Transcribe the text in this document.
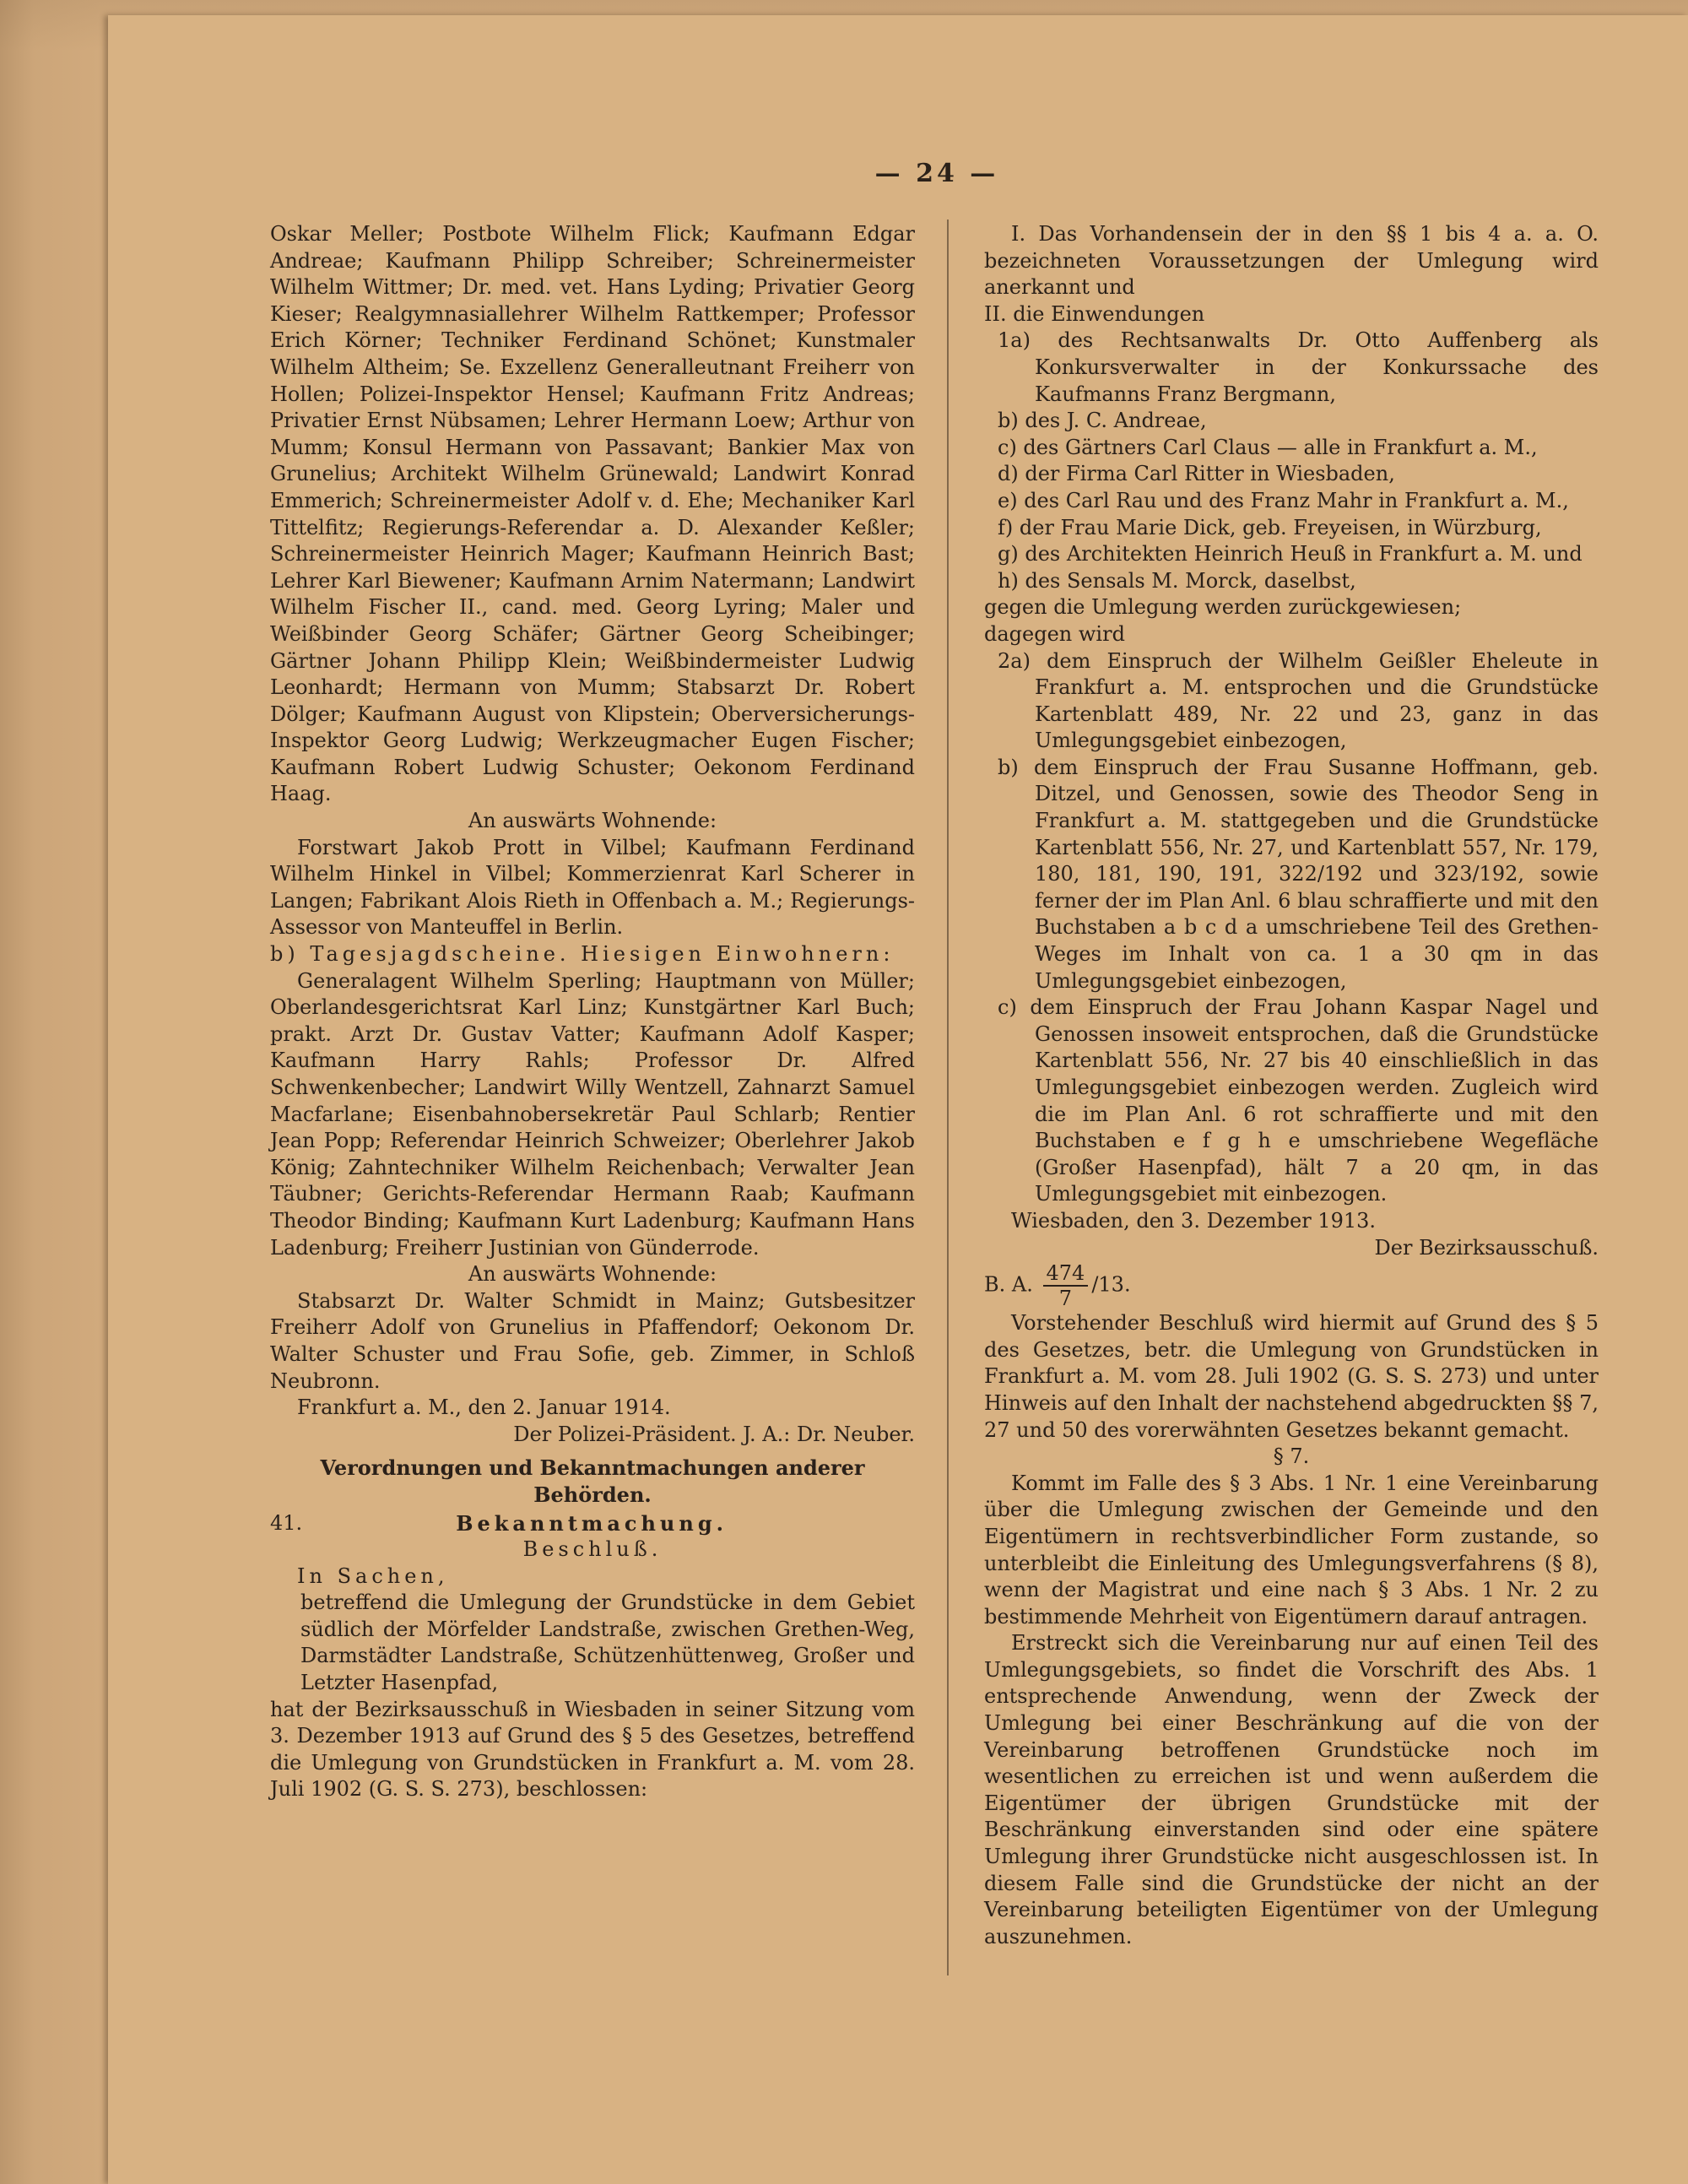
— 24 —

Oskar Meller; Postbote Wilhelm Flick; Kaufmann Edgar Andreae; Kaufmann Philipp Schreiber; Schreinermeister Wilhelm Wittmer; Dr. med. vet. Hans Lyding; Privatier Georg Kieser; Realgymnasiallehrer Wilhelm Rattkemper; Professor Erich Körner; Techniker Ferdinand Schönet; Kunstmaler Wilhelm Altheim; Se. Exzellenz Generalleutnant Freiherr von Hollen; Polizei-Inspektor Hensel; Kaufmann Fritz Andreas; Privatier Ernst Nübsamen; Lehrer Hermann Loew; Arthur von Mumm; Konsul Hermann von Passavant; Bankier Max von Grunelius; Architekt Wilhelm Grünewald; Landwirt Konrad Emmerich; Schreinermeister Adolf v. d. Ehe; Mechaniker Karl Tittelfitz; Regierungs-Referendar a. D. Alexander Keßler; Schreinermeister Heinrich Mager; Kaufmann Heinrich Bast; Lehrer Karl Biewener; Kaufmann Arnim Natermann; Landwirt Wilhelm Fischer II., cand. med. Georg Lyring; Maler und Weißbinder Georg Schäfer; Gärtner Georg Scheibinger; Gärtner Johann Philipp Klein; Weißbindermeister Ludwig Leonhardt; Hermann von Mumm; Stabsarzt Dr. Robert Dölger; Kaufmann August von Klipstein; Oberversicherungs-Inspektor Georg Ludwig; Werkzeugmacher Eugen Fischer; Kaufmann Robert Ludwig Schuster; Oekonom Ferdinand Haag.

An auswärts Wohnende:

Forstwart Jakob Prott in Vilbel; Kaufmann Ferdinand Wilhelm Hinkel in Vilbel; Kommerzienrat Karl Scherer in Langen; Fabrikant Alois Rieth in Offenbach a. M.; Regierungs-Assessor von Manteuffel in Berlin.

b) Tagesjagdscheine. Hiesigen Einwohnern:

Generalagent Wilhelm Sperling; Hauptmann von Müller; Oberlandesgerichtsrat Karl Linz; Kunstgärtner Karl Buch; prakt. Arzt Dr. Gustav Vatter; Kaufmann Adolf Kasper; Kaufmann Harry Rahls; Professor Dr. Alfred Schwenkenbecher; Landwirt Willy Wentzell, Zahnarzt Samuel Macfarlane; Eisenbahnobersekretär Paul Schlarb; Rentier Jean Popp; Referendar Heinrich Schweizer; Oberlehrer Jakob König; Zahntechniker Wilhelm Reichenbach; Verwalter Jean Täubner; Gerichts-Referendar Hermann Raab; Kaufmann Theodor Binding; Kaufmann Kurt Ladenburg; Kaufmann Hans Ladenburg; Freiherr Justinian von Günderrode.

An auswärts Wohnende:

Stabsarzt Dr. Walter Schmidt in Mainz; Gutsbesitzer Freiherr Adolf von Grunelius in Pfaffendorf; Oekonom Dr. Walter Schuster und Frau Sofie, geb. Zimmer, in Schloß Neubronn.

Frankfurt a. M., den 2. Januar 1914.

Der Polizei-Präsident. J. A.: Dr. Neuber.

Verordnungen und Bekanntmachungen anderer Behörden.

41.	Bekanntmachung.

Beschluß.

In Sachen,

betreffend die Umlegung der Grundstücke in dem Gebiet südlich der Mörfelder Landstraße, zwischen Grethen-Weg, Darmstädter Landstraße, Schützenhüttenweg, Großer und Letzter Hasenpfad,

hat der Bezirksausschuß in Wiesbaden in seiner Sitzung vom 3. Dezember 1913 auf Grund des § 5 des Gesetzes, betreffend die Umlegung von Grundstücken in Frankfurt a. M. vom 28. Juli 1902 (G. S. S. 273), beschlossen:

I. Das Vorhandensein der in den §§ 1 bis 4 a. a. O. bezeichneten Voraussetzungen der Umlegung wird anerkannt und

II. die Einwendungen

1a) des Rechtsanwalts Dr. Otto Auffenberg als Konkursverwalter in der Konkurssache des Kaufmanns Franz Bergmann,

b) des J. C. Andreae,

c) des Gärtners Carl Claus — alle in Frankfurt a. M.,

d) der Firma Carl Ritter in Wiesbaden,

e) des Carl Rau und des Franz Mahr in Frankfurt a. M.,

f) der Frau Marie Dick, geb. Freyeisen, in Würzburg,

g) des Architekten Heinrich Heuß in Frankfurt a. M. und

h) des Sensals M. Morck, daselbst,

gegen die Umlegung werden zurückgewiesen;

dagegen wird

2a) dem Einspruch der Wilhelm Geißler Eheleute in Frankfurt a. M. entsprochen und die Grundstücke Kartenblatt 489, Nr. 22 und 23, ganz in das Umlegungsgebiet einbezogen,

b) dem Einspruch der Frau Susanne Hoffmann, geb. Ditzel, und Genossen, sowie des Theodor Seng in Frankfurt a. M. stattgegeben und die Grundstücke Kartenblatt 556, Nr. 27, und Kartenblatt 557, Nr. 179, 180, 181, 190, 191, 322/192 und 323/192, sowie ferner der im Plan Anl. 6 blau schraffierte und mit den Buchstaben a b c d a umschriebene Teil des Grethen-Weges im Inhalt von ca. 1 a 30 qm in das Umlegungsgebiet einbezogen,

c) dem Einspruch der Frau Johann Kaspar Nagel und Genossen insoweit entsprochen, daß die Grundstücke Kartenblatt 556, Nr. 27 bis 40 einschließlich in das Umlegungsgebiet einbezogen werden. Zugleich wird die im Plan Anl. 6 rot schraffierte und mit den Buchstaben e f g h e umschriebene Wegefläche (Großer Hasenpfad), hält 7 a 20 qm, in das Umlegungsgebiet mit einbezogen.

Wiesbaden, den 3. Dezember 1913.

Der Bezirksausschuß.

B. A. $\frac{474}{7} /13$.

Vorstehender Beschluß wird hiermit auf Grund des § 5 des Gesetzes, betr. die Umlegung von Grundstücken in Frankfurt a. M. vom 28. Juli 1902 (G. S. S. 273) und unter Hinweis auf den Inhalt der nachstehend abgedruckten §§ 7, 27 und 50 des vorerwähnten Gesetzes bekannt gemacht.

§ 7.

Kommt im Falle des § 3 Abs. 1 Nr. 1 eine Vereinbarung über die Umlegung zwischen der Gemeinde und den Eigentümern in rechtsverbindlicher Form zustande, so unterbleibt die Einleitung des Umlegungsverfahrens (§ 8), wenn der Magistrat und eine nach § 3 Abs. 1 Nr. 2 zu bestimmende Mehrheit von Eigentümern darauf antragen.

Erstreckt sich die Vereinbarung nur auf einen Teil des Umlegungsgebiets, so findet die Vorschrift des Abs. 1 entsprechende Anwendung, wenn der Zweck der Umlegung bei einer Beschränkung auf die von der Vereinbarung betroffenen Grundstücke noch im wesentlichen zu erreichen ist und wenn außerdem die Eigentümer der übrigen Grundstücke mit der Beschränkung einverstanden sind oder eine spätere Umlegung ihrer Grundstücke nicht ausgeschlossen ist. In diesem Falle sind die Grundstücke der nicht an der Vereinbarung beteiligten Eigentümer von der Umlegung auszunehmen.
